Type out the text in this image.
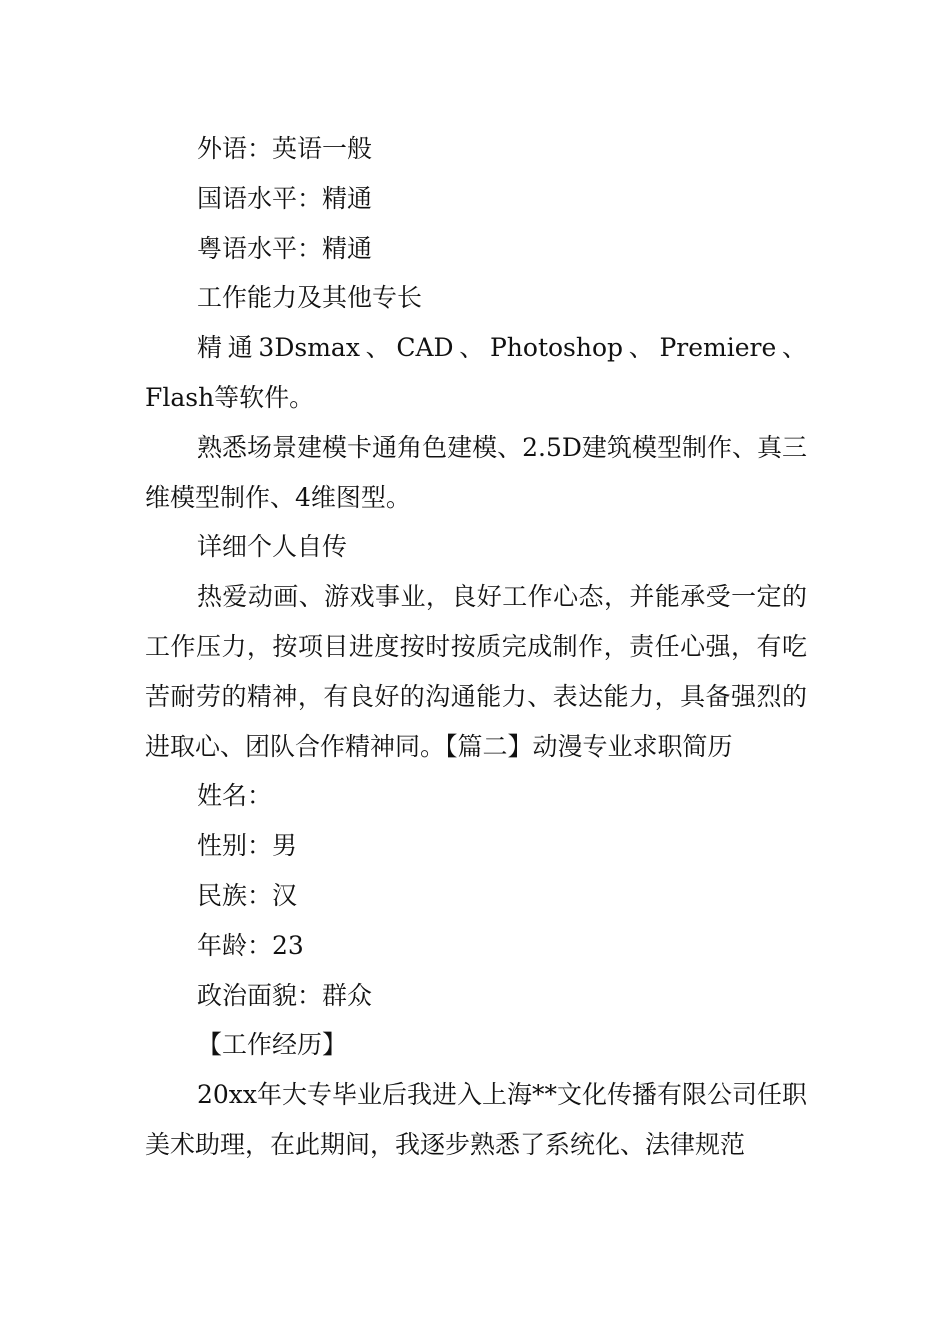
外语：英语一般

国语水平：精通

粤语水平：精通

工作能力及其他专长

精通3Dsmax、CAD、Photoshop、Premiere、Flash等软件。

熟悉场景建模卡通角色建模、2.5D建筑模型制作、真三维模型制作、4维图型。

详细个人自传

热爱动画、游戏事业，良好工作心态，并能承受一定的工作压力，按项目进度按时按质完成制作，责任心强，有吃苦耐劳的精神，有良好的沟通能力、表达能力，具备强烈的进取心、团队合作精神同。【篇二】动漫专业求职简历

姓名：

性别：男

民族：汉

年龄：23

政治面貌：群众

【工作经历】

20xx年大专毕业后我进入上海**文化传播有限公司任职美术助理，在此期间，我逐步熟悉了系统化、法律规范
